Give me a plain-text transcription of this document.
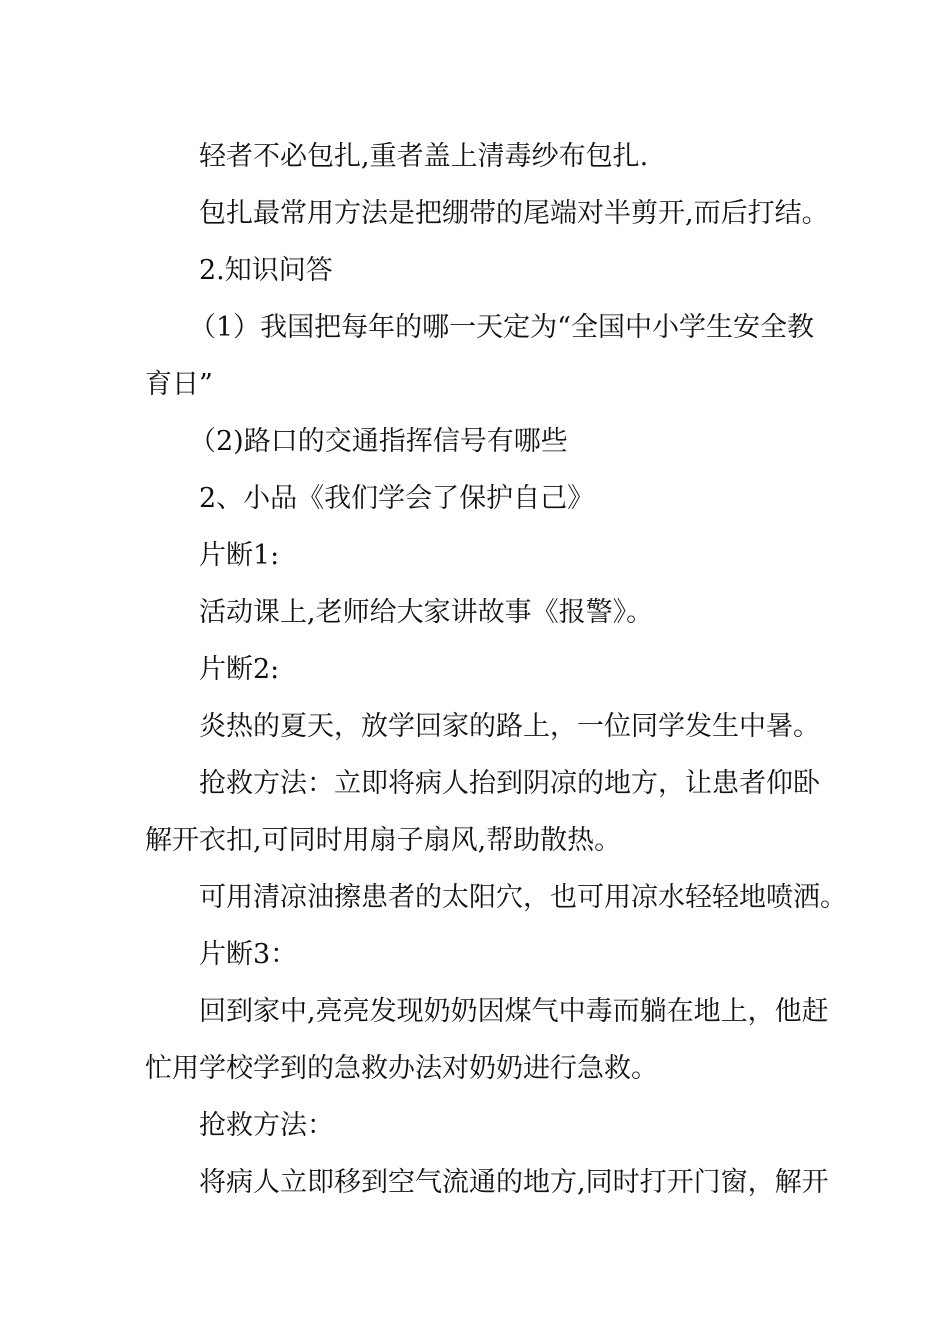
轻者不必包扎,重者盖上清毒纱布包扎.

包扎最常用方法是把绷带的尾端对半剪开,而后打结。

2.知识问答

（1）我国把每年的哪一天定为“全国中小学生安全教

育日”

（2)路口的交通指挥信号有哪些

2、小品《我们学会了保护自己》

片断1:

活动课上,老师给大家讲故事《报警》。

片断2:

炎热的夏天，放学回家的路上，一位同学发生中暑。

抢救方法：立即将病人抬到阴凉的地方，让患者仰卧

解开衣扣,可同时用扇子扇风,帮助散热。

可用清凉油擦患者的太阳穴，也可用凉水轻轻地喷洒。

片断3：

回到家中,亮亮发现奶奶因煤气中毒而躺在地上，他赶

忙用学校学到的急救办法对奶奶进行急救。

抢救方法：

将病人立即移到空气流通的地方,同时打开门窗，解开
